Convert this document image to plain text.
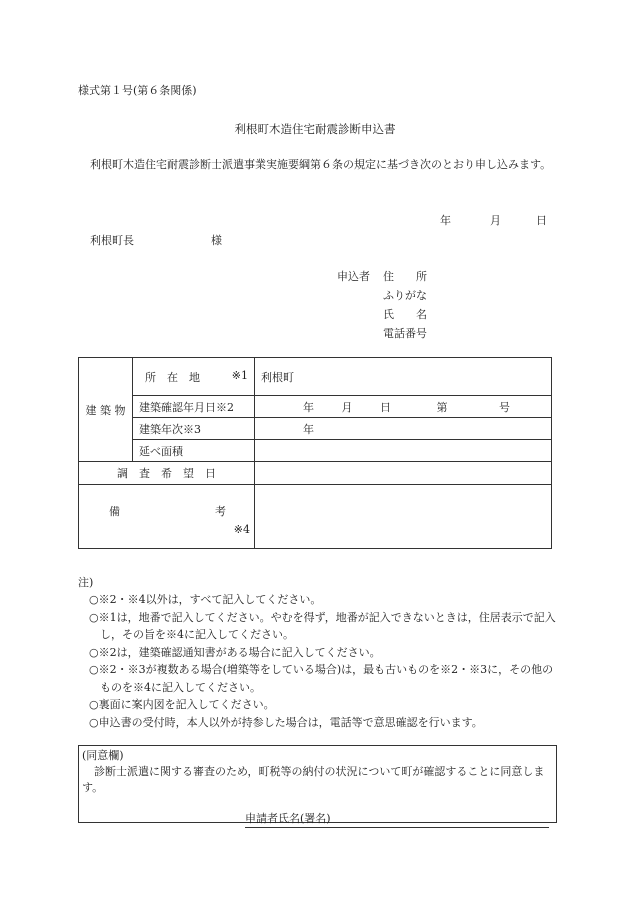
様式第１号(第６条関係)
利根町木造住宅耐震診断申込書
利根町木造住宅耐震診断士派遣事業実施要綱第６条の規定に基づき次のとおり申し込みます。
年	月	日
利根町長	様
申込者 住　　所
ふりがな
氏　　名
電話番号
建 築 物	所　在　地 ※1	利根町
	建築確認年月日※2	年 月 日 第 号
	建築年次※3	年
	延べ面積	
調　査　希　望　日		

備 考
※4		

注)
○※2・※4以外は，すべて記入してください。
○※1は，地番で記入してください。やむを得ず，地番が記入できないときは，住居表示で記入し，その旨を※4に記入してください。
○※2は，建築確認通知書がある場合に記入してください。
○※2・※3が複数ある場合(増築等をしている場合)は，最も古いものを※2・※3に，その他のものを※4に記入してください。
○裏面に案内図を記入してください。
○申込書の受付時，本人以外が持参した場合は，電話等で意思確認を行います。
(同意欄)
診断士派遣に関する審査のため，町税等の納付の状況について町が確認することに同意します。
申請者氏名(署名)
